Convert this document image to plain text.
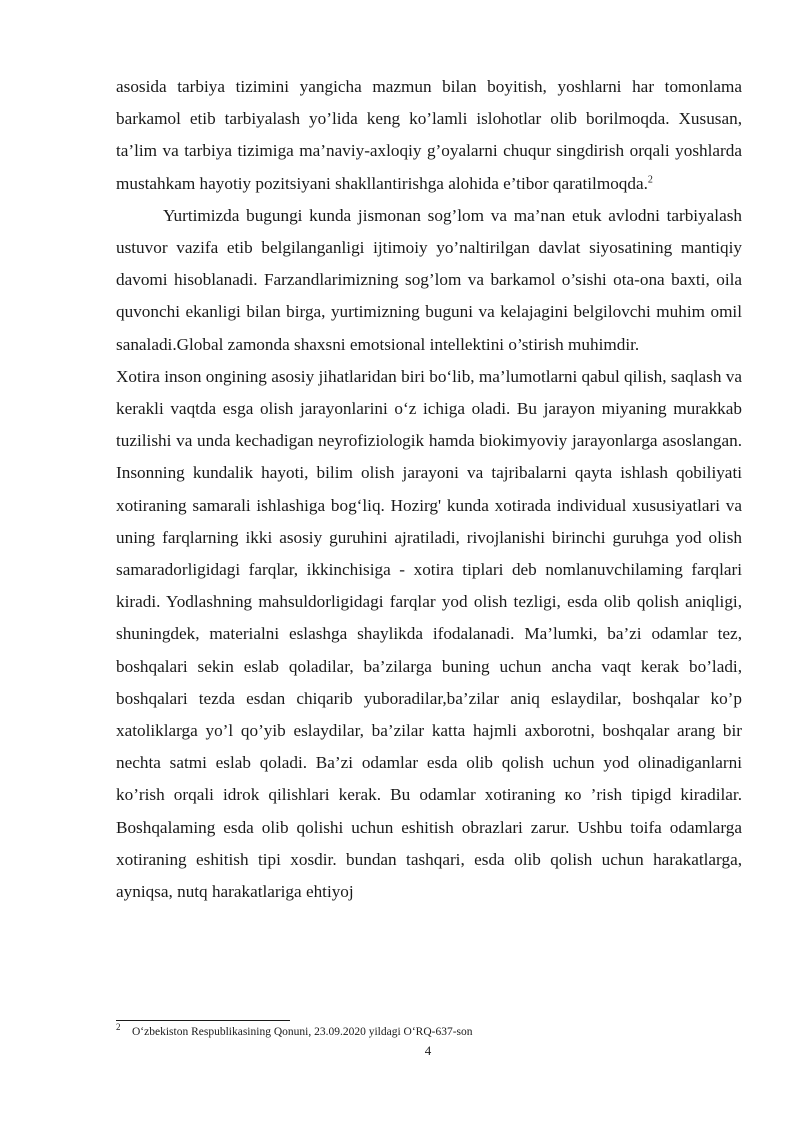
asosida tarbiya tizimini yangicha mazmun bilan boyitish, yoshlarni har tomonlama barkamol etib tarbiyalash yo’lida keng ko’lamli islohotlar olib borilmoqda. Xususan, ta’lim va tarbiya tizimiga ma’naviy-axloqiy g’oyalarni chuqur singdirish orqali yoshlarda mustahkam hayotiy pozitsiyani shakllantirishga alohida e’tibor qaratilmoqda.$^2$

Yurtimizda bugungi kunda jismonan sog’lom va ma’nan etuk avlodni tarbiyalash ustuvor vazifa etib belgilanganligi ijtimoiy yo’naltirilgan davlat siyosatining mantiqiy davomi hisoblanadi. Farzandlarimizning sog’lom va barkamol o’sishi ota-ona baxti, oila quvonchi ekanligi bilan birga, yurtimizning buguni va kelajagini belgilovchi muhim omil sanaladi.Global zamonda shaxsni emotsional intellektini o’stirish muhimdir.

Xotira inson ongining asosiy jihatlaridan biri bo‘lib, ma’lumotlarni qabul qilish, saqlash va kerakli vaqtda esga olish jarayonlarini o‘z ichiga oladi. Bu jarayon miyaning murakkab tuzilishi va unda kechadigan neyrofiziologik hamda biokimyoviy jarayonlarga asoslangan. Insonning kundalik hayoti, bilim olish jarayoni va tajribalarni qayta ishlash qobiliyati xotiraning samarali ishlashiga bog‘liq. Hozirg' kunda xotirada individual xususiyatlari va uning farqlarning ikki asosiy guruhini ajratiladi, rivojlanishi birinchi guruhga yod olish samaradorligidagi farqlar, ikkinchisiga - xotira tiplari deb nomlanuvchilaming farqlari kiradi. Yodlashning mahsuldorligidagi farqlar yod olish tezligi, esda olib qolish aniqligi, shuningdek, materialni eslashga shaylikda ifodalanadi. Ma’lumki, ba’zi odamlar tez, boshqalari sekin eslab qoladilar, ba’zilarga buning uchun ancha vaqt kerak bo’ladi, boshqalari tezda esdan chiqarib yuboradilar,ba’zilar aniq eslaydilar, boshqalar ko’p xatoliklarga yo’l qo’yib eslaydilar, ba’zilar katta hajmli axborotni, boshqalar arang bir nechta satmi eslab qoladi. Ba’zi odamlar esda olib qolish uchun yod olinadiganlarni ko’rish orqali idrok qilishlari kerak. Bu odamlar xotiraning кo ’rish tipigd kiradilar. Boshqalaming esda olib qolishi uchun eshitish obrazlari zarur. Ushbu toifa odamlarga xotiraning eshitish tipi xosdir. bundan tashqari, esda olib qolish uchun harakatlarga, ayniqsa, nutq harakatlariga ehtiyoj

2 O‘zbekiston Respublikasining Qonuni, 23.09.2020 yildagi O‘RQ-637-son
4
